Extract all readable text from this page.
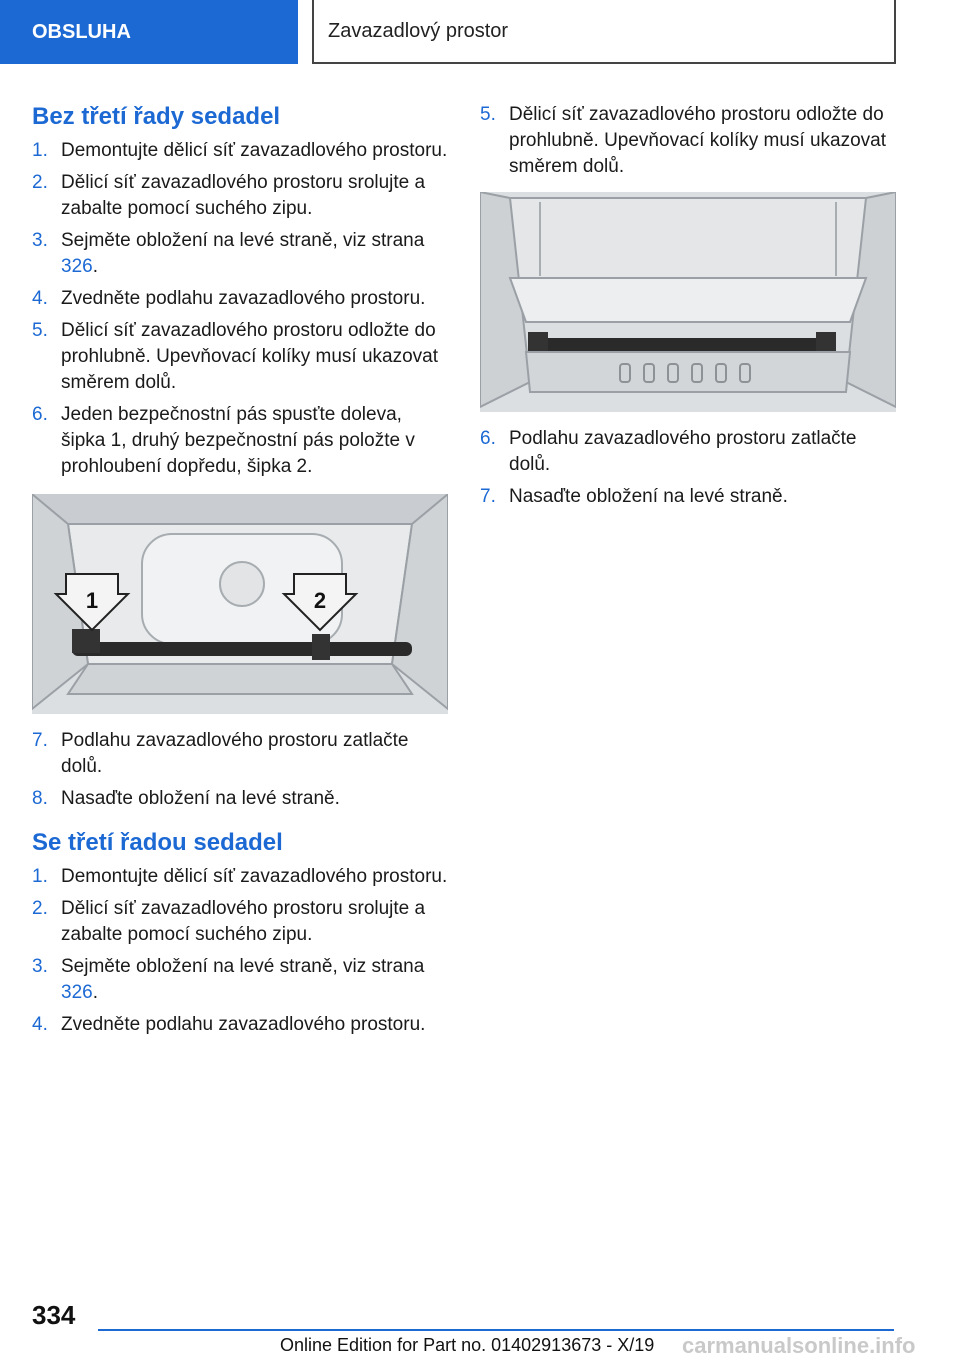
OBSLUHA	Zavazadlový prostor
Bez třetí řady sedadel
1. Demontujte dělicí síť zavazadlového prostoru.
2. Dělicí síť zavazadlového prostoru srolujte a zabalte pomocí suchého zipu.
3. Sejměte obložení na levé straně, viz strana 326.
4. Zvedněte podlahu zavazadlového prostoru.
5. Dělicí síť zavazadlového prostoru odložte do prohlubně. Upevňovací kolíky musí ukazovat směrem dolů.
6. Jeden bezpečnostní pás spusťte doleva, šipka 1, druhý bezpečnostní pás položte v prohloubení dopředu, šipka 2.
1	2
7. Podlahu zavazadlového prostoru zatlačte dolů.
8. Nasaďte obložení na levé straně.
Se třetí řadou sedadel
1. Demontujte dělicí síť zavazadlového prostoru.
2. Dělicí síť zavazadlového prostoru srolujte a zabalte pomocí suchého zipu.
3. Sejměte obložení na levé straně, viz strana 326.
4. Zvedněte podlahu zavazadlového prostoru.
5. Dělicí síť zavazadlového prostoru odložte do prohlubně. Upevňovací kolíky musí ukazovat směrem dolů.
6. Podlahu zavazadlového prostoru zatlačte dolů.
7. Nasaďte obložení na levé straně.
334
Online Edition for Part no. 01402913673 - X/19 carmanualsonline.info
